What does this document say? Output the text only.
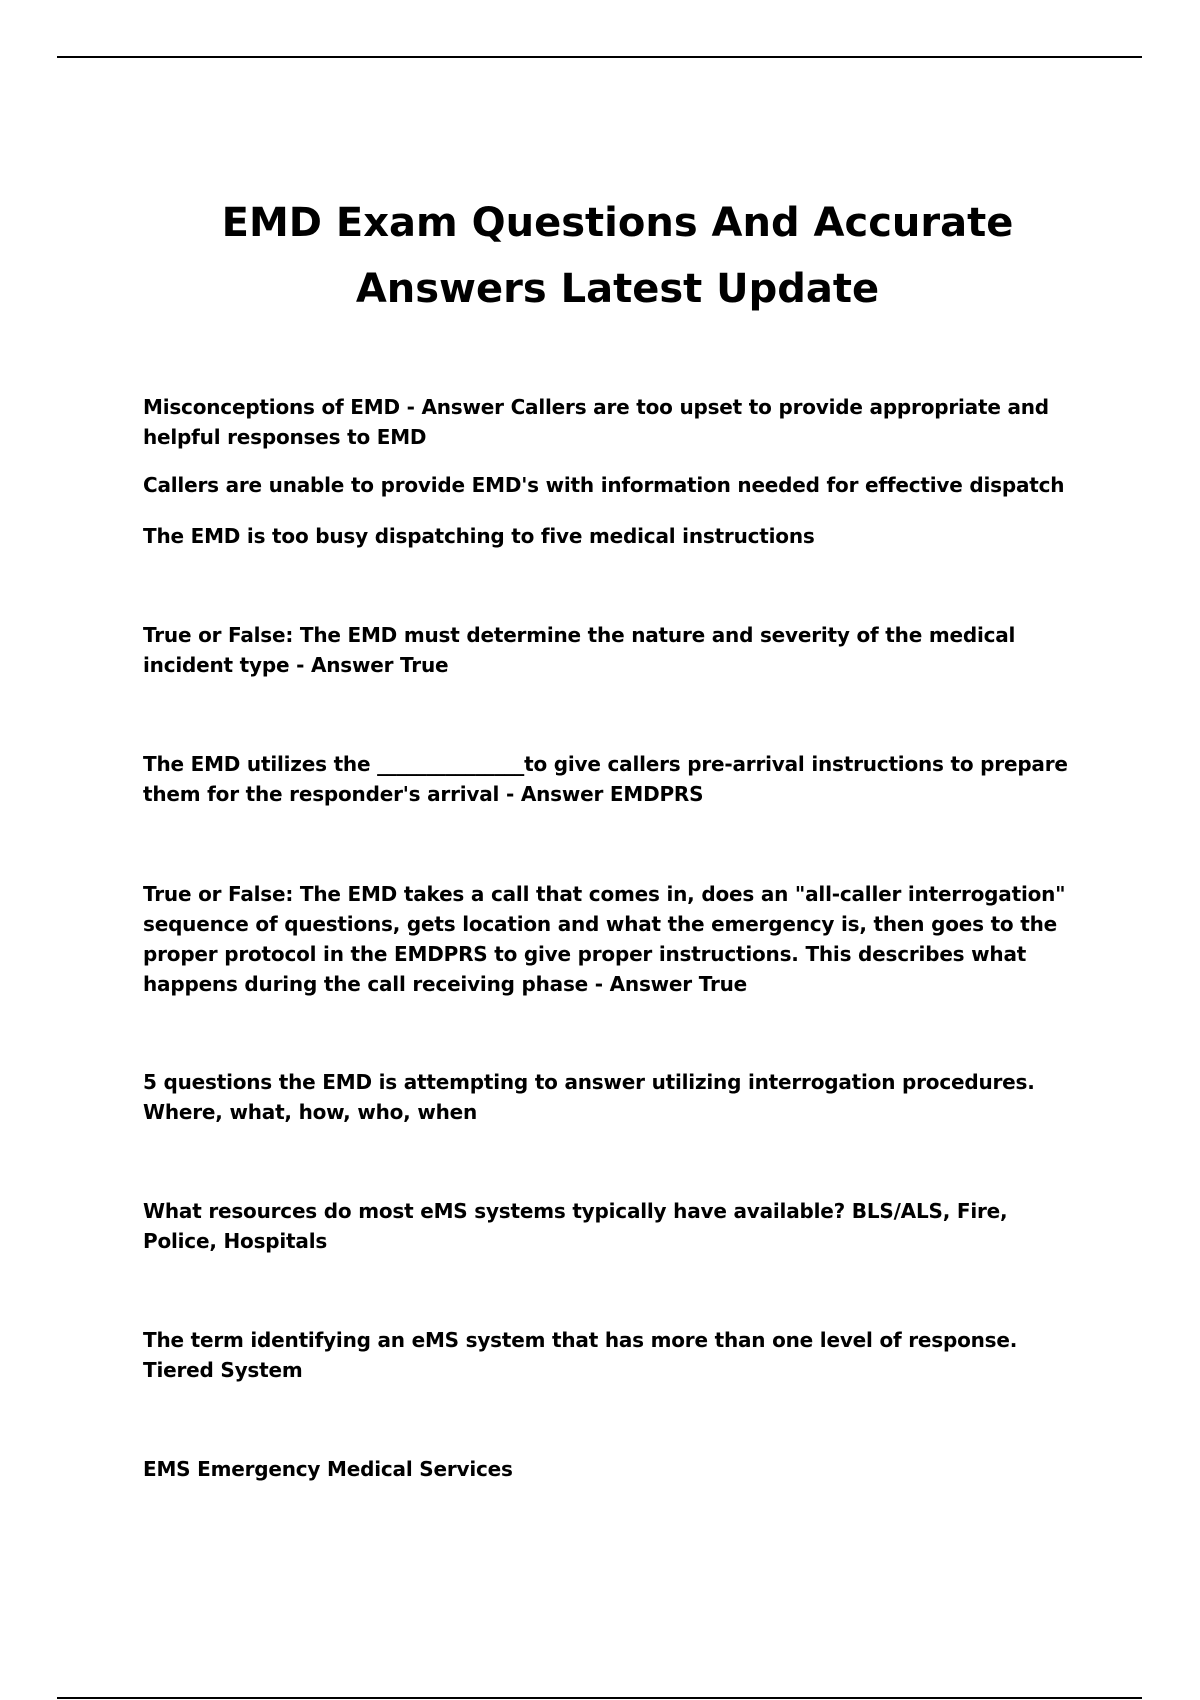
EMD Exam Questions And Accurate
Answers Latest Update

Misconceptions of EMD - Answer Callers are too upset to provide appropriate and helpful responses to EMD

Callers are unable to provide EMD's with information needed for effective dispatch

The EMD is too busy dispatching to five medical instructions

True or False: The EMD must determine the nature and severity of the medical incident type - Answer True

The EMD utilizes the _______________to give callers pre-arrival instructions to prepare them for the responder's arrival - Answer EMDPRS

True or False: The EMD takes a call that comes in, does an "all-caller interrogation" sequence of questions, gets location and what the emergency is, then goes to the proper protocol in the EMDPRS to give proper instructions. This describes what happens during the call receiving phase - Answer True

5 questions the EMD is attempting to answer utilizing interrogation procedures. Where, what, how, who, when

What resources do most eMS systems typically have available? BLS/ALS, Fire, Police, Hospitals

The term identifying an eMS system that has more than one level of response. Tiered System

EMS Emergency Medical Services
